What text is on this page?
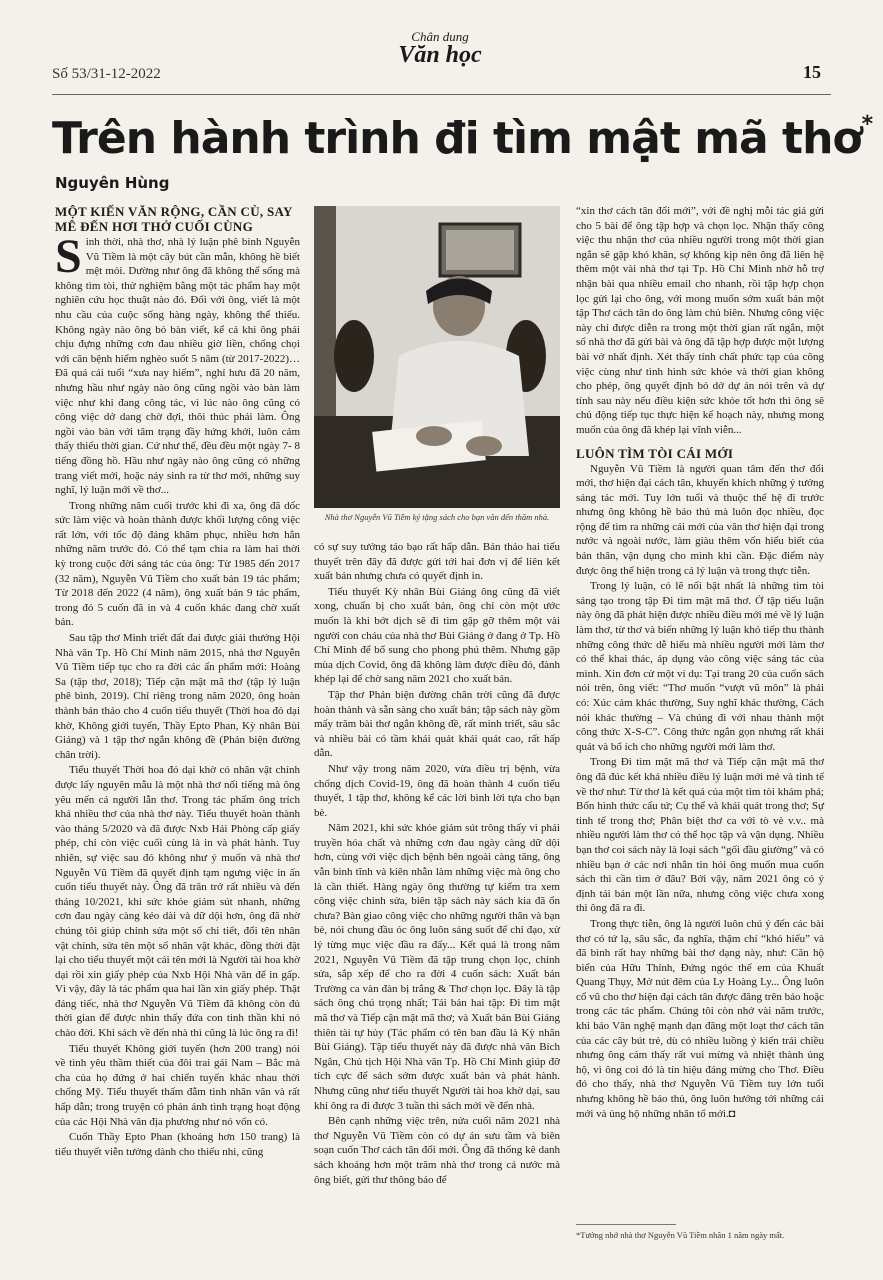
Số 53/31-12-2022
Chân dung
Văn học
15
Trên hành trình đi tìm mật mã thơ*
Nguyên Hùng

MỘT KIẾN VĂN RỘNG, CẦN CÙ, SAY MÊ ĐẾN HƠI THỞ CUỐI CÙNG

Sinh thời, nhà thơ, nhà lý luận phê bình Nguyễn Vũ Tiềm là một cây bút cần mẫn, không hề biết mệt mỏi. Dường như ông đã không thể sống mà không tìm tòi, thử nghiệm bằng một tác phẩm hay một nghiên cứu học thuật nào đó. Đối với ông, viết là một nhu cầu của cuộc sống hàng ngày, không thể thiếu. Không ngày nào ông bỏ bàn viết, kể cả khi ông phải chịu đựng những cơn đau nhiều giờ liền, chống chọi với căn bệnh hiểm nghèo suốt 5 năm (từ 2017-2022)… Đã quá cái tuổi “xưa nay hiếm”, nghỉ hưu đã 20 năm, nhưng hầu như ngày nào ông cũng ngồi vào bàn làm việc như khi đang công tác, vì lúc nào ông cũng có công việc dở dang chờ đợi, thôi thúc phải làm. Ông ngồi vào bàn với tâm trạng đầy hứng khởi, luôn cảm thấy thiếu thời gian. Cứ như thế, đều đều một ngày 7- 8 tiếng đồng hồ. Hầu như ngày nào ông cũng có những trang viết mới, hoặc nảy sinh ra từ thơ mới, những suy nghĩ, lý luận mới về thơ...

Trong những năm cuối trước khi đi xa, ông đã dốc sức làm việc và hoàn thành được khối lượng công việc rất lớn, với tốc độ đáng khâm phục, nhiều hơn hẳn những năm trước đó. Có thể tạm chia ra làm hai thời kỳ trong cuộc đời sáng tác của ông: Từ 1985 đến 2017 (32 năm), Nguyễn Vũ Tiềm cho xuất bản 19 tác phẩm; Từ 2018 đến 2022 (4 năm), ông xuất bản 9 tác phẩm, trong đó 5 cuốn đã in và 4 cuốn khác đang chờ xuất bản.

Sau tập thơ Minh triết đất đai được giải thưởng Hội Nhà văn Tp. Hồ Chí Minh năm 2015, nhà thơ Nguyễn Vũ Tiềm tiếp tục cho ra đời các ấn phẩm mới: Hoàng Sa (tập thơ, 2018); Tiếp cận mật mã thơ (tập lý luận phê bình, 2019). Chỉ riêng trong năm 2020, ông hoàn thành bản thảo cho 4 cuốn tiểu thuyết (Thời hoa đỏ dại khờ, Không giới tuyến, Thầy Epto Phan, Kỳ nhân Bùi Giáng) và 1 tập thơ ngắn không đề (Phản biện đường chân trời).

Tiểu thuyết Thời hoa đỏ dại khờ có nhân vật chính được lấy nguyên mẫu là một nhà thơ nổi tiếng mà ông yêu mến cả người lẫn thơ. Trong tác phẩm ông trích khá nhiều thơ của nhà thơ này. Tiểu thuyết hoàn thành vào tháng 5/2020 và đã được Nxb Hải Phòng cấp giấy phép, chỉ còn việc cuối cùng là in và phát hành. Tuy nhiên, sự việc sau đó không như ý muốn và nhà thơ Nguyễn Vũ Tiềm đã quyết định tạm ngưng việc in ấn cuốn tiểu thuyết này. Ông đã trăn trở rất nhiều và đến tháng 10/2021, khi sức khỏe giảm sút nhanh, những cơn đau ngày càng kéo dài và dữ dội hơn, ông đã nhờ chúng tôi giúp chỉnh sửa một số chi tiết, đổi tên nhân vật chính, sửa tên một số nhân vật khác, đồng thời đặt lại cho tiểu thuyết một cái tên mới là Người tài hoa khờ dại rồi xin giấy phép của Nxb Hội Nhà văn để in gấp. Vì vậy, đây là tác phẩm qua hai lần xin giấy phép. Thật đáng tiếc, nhà thơ Nguyễn Vũ Tiềm đã không còn đủ thời gian để được nhìn thấy đứa con tinh thần khi nó chào đời. Khi sách về đến nhà thì cũng là lúc ông ra đi!

Tiểu thuyết Không giới tuyến (hơn 200 trang) nói về tình yêu thầm thiết của đôi trai gái Nam – Bắc mà cha của họ đứng ở hai chiến tuyến khác nhau thời chống Mỹ. Tiểu thuyết thấm đẫm tình nhân văn và rất hấp dẫn; trong truyện có phản ánh tình trạng hoạt động của các Hội Nhà văn địa phương như nó vốn có.

Cuốn Thầy Epto Phan (khoảng hơn 150 trang) là tiểu thuyết viễn tưởng dành cho thiếu nhi, cũng

Nhà thơ Nguyễn Vũ Tiềm ký tặng sách cho bạn văn đến thăm nhà.

có sự suy tưởng táo bạo rất hấp dẫn. Bản thảo hai tiểu thuyết trên đây đã được gửi tới hai đơn vị để liên kết xuất bản nhưng chưa có quyết định in.

Tiểu thuyết Kỳ nhân Bùi Giáng ông cũng đã viết xong, chuẩn bị cho xuất bản, ông chỉ còn một ước muốn là khi bớt dịch sẽ đi tìm gặp gỡ thêm một vài người con cháu của nhà thơ Bùi Giáng ở đang ở Tp. Hồ Chí Minh để bổ sung cho phong phú thêm. Nhưng gặp mùa dịch Covid, ông đã không làm được điều đó, đành khép lại để chờ sang năm 2021 cho xuất bản.

Tập thơ Phản biện đường chân trời cũng đã được hoàn thành và sẵn sàng cho xuất bản; tập sách này gồm mấy trăm bài thơ ngắn không đề, rất minh triết, sâu sắc và nhiều bài có tầm khái quát khái quát cao, rất hấp dẫn.

Như vậy trong năm 2020, vừa điều trị bệnh, vừa chống dịch Covid-19, ông đã hoàn thành 4 cuốn tiểu thuyết, 1 tập thơ, không kể các lời bình lời tựa cho bạn bè.

Năm 2021, khi sức khỏe giảm sút trông thấy vì phải truyền hóa chất và những cơn đau ngày càng dữ dội hơn, cùng với việc dịch bệnh bên ngoài càng tăng, ông vẫn bình tĩnh và kiên nhẫn làm những việc mà ông cho là cần thiết. Hàng ngày ông thường tự kiểm tra xem công việc chỉnh sửa, biên tập sách này sách kia đã ổn chưa? Bàn giao công việc cho những người thân và bạn bè, nói chung đầu óc ông luôn sáng suốt để chỉ đạo, xử lý từng mục việc đầu ra đấy... Kết quả là trong năm 2021, Nguyễn Vũ Tiềm đã tập trung chọn lọc, chỉnh sửa, sắp xếp để cho ra đời 4 cuốn sách: Xuất bản Trường ca vàn đàn bị trắng & Thơ chọn lọc. Đây là tập sách ông chú trọng nhất; Tái bản hai tập: Đi tìm mật mã thơ và Tiếp cận mật mã thơ; và Xuất bản Bùi Giáng thiên tài tự hủy (Tác phẩm có tên ban đầu là Kỳ nhân Bùi Giáng). Tập tiểu thuyết này đã được nhà văn Bích Ngân, Chủ tịch Hội Nhà văn Tp. Hồ Chí Minh giúp đỡ tích cực để sách sớm được xuất bản và phát hành. Nhưng cũng như tiểu thuyết Người tài hoa khờ dại, sau khi ông ra đi được 3 tuần thì sách mới về đến nhà.

Bên cạnh những việc trên, nửa cuối năm 2021 nhà thơ Nguyễn Vũ Tiềm còn có dự án sưu tầm và biên soạn cuốn Thơ cách tân đổi mới. Ông đã thống kê danh sách khoảng hơn một trăm nhà thơ trong cả nước mà ông biết, gửi thư thông báo để

“xin thơ cách tân đổi mới”, với đề nghị mỗi tác giả gửi cho 5 bài để ông tập hợp và chọn lọc. Nhận thấy công việc thu nhận thơ của nhiều người trong một thời gian ngắn sẽ gặp khó khăn, sợ không kịp nên ông đã liên hệ thêm một vài nhà thơ tại Tp. Hồ Chí Minh nhờ hỗ trợ nhận bài qua nhiều email cho nhanh, rồi tập hợp chọn lọc gửi lại cho ông, với mong muốn sớm xuất bản một tập Thơ cách tân do ông làm chủ biên. Nhưng công việc này chỉ được diễn ra trong một thời gian rất ngắn, một số nhà thơ đã gửi bài và ông đã tập hợp được một lượng bài vở nhất định. Xét thấy tính chất phức tạp của công việc cùng như tình hình sức khỏe và thời gian không cho phép, ông quyết định bỏ dở dự án nói trên và dự tính sau này nếu điều kiện sức khỏe tốt hơn thì ông sẽ chủ động tiếp tục thực hiện kế hoạch này, nhưng mong muốn của ông đã khép lại vĩnh viễn...

LUÔN TÌM TÒI CÁI MỚI

Nguyễn Vũ Tiềm là người quan tâm đến thơ đổi mới, thơ hiện đại cách tân, khuyến khích những ý tưởng sáng tác mới. Tuy lớn tuổi và thuộc thế hệ đi trước nhưng ông không hề bảo thủ mà luôn đọc nhiều, đọc rộng để tìm ra những cái mới của văn thơ hiện đại trong nước và ngoài nước, làm giàu thêm vốn hiểu biết của bản thân, vận dụng cho mình khi cần. Đặc điểm này được ông thể hiện trong cả lý luận và trong thực tiễn.

Trong lý luận, có lẽ nổi bật nhất là những tìm tòi sáng tạo trong tập Đi tìm mật mã thơ. Ở tập tiểu luận này ông đã phát hiện được nhiều điều mới mẻ về lý luận làm thơ, từ thơ và biến những lý luận khó tiếp thu thành những công thức dễ hiểu mà nhiều người mới làm thơ có thể khai thác, áp dụng vào công việc sáng tác của mình. Xin đơn cử một ví dụ: Tại trang 20 của cuốn sách nói trên, ông viết: “Thơ muốn “vượt vũ môn” là phải có: Xúc cảm khác thường, Suy nghĩ khác thường, Cách nói khác thường – Và chúng đi với nhau thành một công thức X-S-C”. Công thức ngắn gọn nhưng rất khái quát và bổ ích cho những người mới làm thơ.

Trong Đi tìm mật mã thơ và Tiếp cận mật mã thơ ông đã đúc kết khá nhiều điều lý luận mới mẻ và tinh tế về thơ như: Từ thơ là kết quả của một tìm tòi khám phá; Bốn hình thức cấu tứ; Cụ thể và khái quát trong thơ; Sự tinh tế trong thơ; Phân biệt thơ ca với tò vè v.v.. mà nhiều người làm thơ có thể học tập và vận dụng. Nhiều bạn thơ coi sách này là loại sách “gối đầu giường” và có nhiều bạn ở các nơi nhắn tin hỏi ông muốn mua cuốn sách thì cần tìm ở đâu? Bởi vậy, năm 2021 ông có ý định tái bản một lần nữa, nhưng công việc chưa xong thì ông đã ra đi.

Trong thực tiễn, ông là người luôn chú ý đến các bài thơ có tứ lạ, sâu sắc, đa nghĩa, thậm chí “khó hiểu” và đã bình rất hay những bài thơ dạng này, như: Căn hộ biển của Hữu Thỉnh, Đứng ngóc thế em của Khuất Quang Thụy, Mở nút đêm của Ly Hoàng Ly... Ông luôn cổ vũ cho thơ hiện đại cách tân được đăng trên báo hoặc trong các tác phẩm. Chúng tôi còn nhớ vài năm trước, khi báo Văn nghệ mạnh dạn đăng một loạt thơ cách tân của các cây bút trẻ, dù có nhiều luồng ý kiến trái chiều nhưng ông cảm thấy rất vui mừng và nhiệt thành ủng hộ, vì ông coi đó là tín hiệu đáng mừng cho Thơ. Điều đó cho thấy, nhà thơ Nguyễn Vũ Tiềm tuy lớn tuổi nhưng không hề bảo thủ, ông luôn hướng tới những cái mới và ủng hộ những nhân tố mới.◘

*Tưởng nhớ nhà thơ Nguyễn Vũ Tiềm nhân 1 năm ngày mất.
